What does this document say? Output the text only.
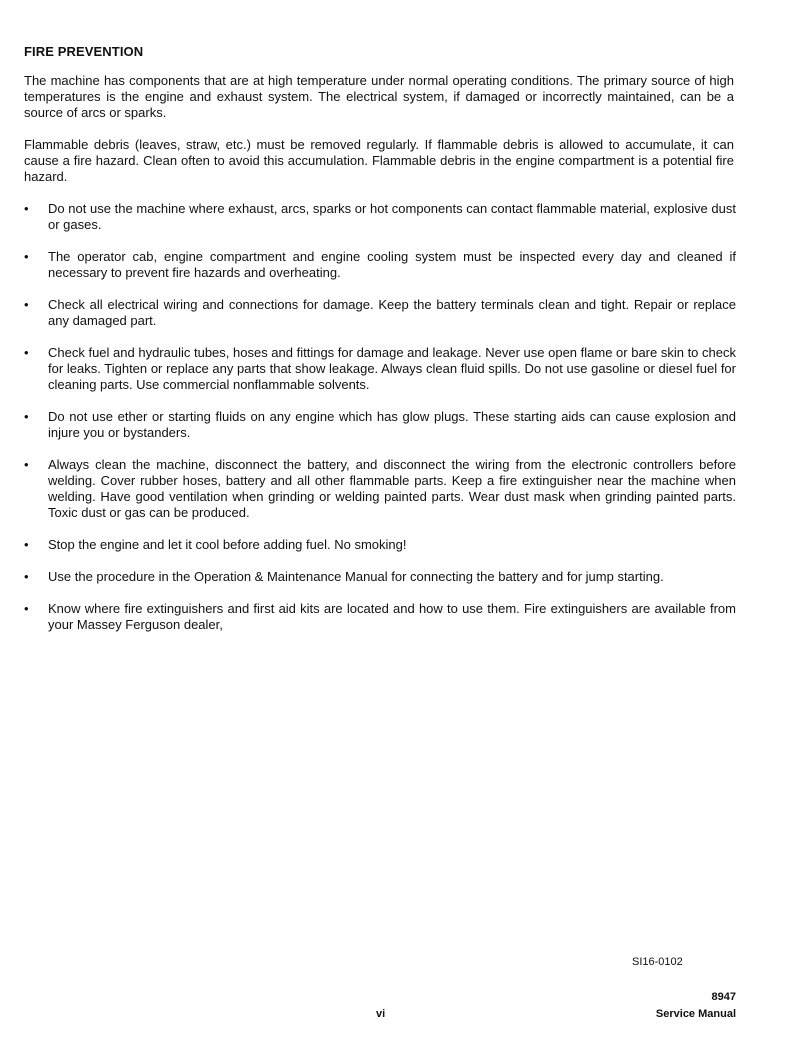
FIRE PREVENTION

The machine has components that are at high temperature under normal operating conditions. The primary source of high temperatures is the engine and exhaust system. The electrical system, if damaged or incorrectly maintained, can be a source of arcs or sparks.

Flammable debris (leaves, straw, etc.) must be removed regularly. If flammable debris is allowed to accumulate, it can cause a fire hazard. Clean often to avoid this accumulation. Flammable debris in the engine compartment is a potential fire hazard.

•	Do not use the machine where exhaust, arcs, sparks or hot components can contact flammable material, explosive dust or gases.
•	The operator cab, engine compartment and engine cooling system must be inspected every day and cleaned if necessary to prevent fire hazards and overheating.
•	Check all electrical wiring and connections for damage. Keep the battery terminals clean and tight. Repair or replace any damaged part.
•	Check fuel and hydraulic tubes, hoses and fittings for damage and leakage. Never use open flame or bare skin to check for leaks. Tighten or replace any parts that show leakage. Always clean fluid spills. Do not use gasoline or diesel fuel for cleaning parts. Use commercial nonflammable solvents.
•	Do not use ether or starting fluids on any engine which has glow plugs. These starting aids can cause explosion and injure you or bystanders.
•	Always clean the machine, disconnect the battery, and disconnect the wiring from the electronic controllers before welding. Cover rubber hoses, battery and all other flammable parts. Keep a fire extinguisher near the machine when welding. Have good ventilation when grinding or welding painted parts. Wear dust mask when grinding painted parts. Toxic dust or gas can be produced.
•	Stop the engine and let it cool before adding fuel. No smoking!
•	Use the procedure in the Operation & Maintenance Manual for connecting the battery and for jump starting.
•	Know where fire extinguishers and first aid kits are located and how to use them. Fire extinguishers are available from your Massey Ferguson dealer,
SI16-0102
8947
vi	Service Manual
